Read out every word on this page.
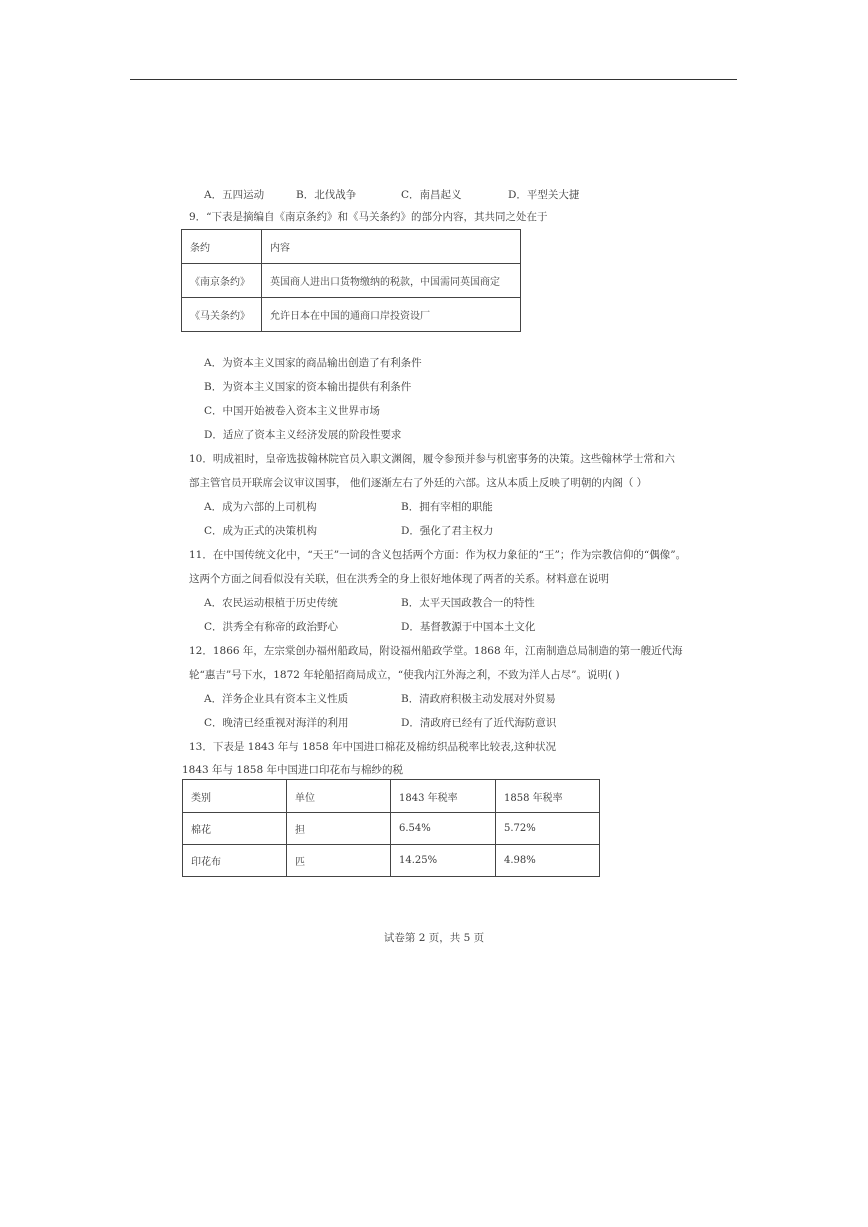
A．五四运动	B．北伐战争	C．南昌起义	D．平型关大捷
9．“下表是摘编自《南京条约》和《马关条约》的部分内容，其共同之处在于
条约	内容
《南京条约》	英国商人进出口货物缴纳的税款，中国需同英国商定
《马关条约》	允许日本在中国的通商口岸投资设厂
A．为资本主义国家的商品输出创造了有利条件
B．为资本主义国家的资本输出提供有利条件
C．中国开始被卷入资本主义世界市场
D．适应了资本主义经济发展的阶段性要求
10．明成祖时，皇帝选拔翰林院官员入职文渊阁，履令参预并参与机密事务的决策。这些翰林学士常和六
部主管官员开联席会议审议国事， 他们逐渐左右了外廷的六部。这从本质上反映了明朝的内阁（ ）
A．成为六部的上司机构	B．拥有宰相的职能
C．成为正式的决策机构	D．强化了君主权力
11．在中国传统文化中，“天王”一词的含义包括两个方面：作为权力象征的“王”；作为宗教信仰的“偶像”。
这两个方面之间看似没有关联，但在洪秀全的身上很好地体现了两者的关系。材料意在说明
A．农民运动根植于历史传统	B．太平天国政教合一的特性
C．洪秀全有称帝的政治野心	D．基督教源于中国本土文化
12．1866 年，左宗棠创办福州船政局，附设福州船政学堂。1868 年，江南制造总局制造的第一艘近代海
轮“惠吉”号下水，1872 年轮船招商局成立，“使我内江外海之利，不致为洋人占尽”。说明( )
A．洋务企业具有资本主义性质	B．清政府积极主动发展对外贸易
C．晚清已经重视对海洋的利用	D．清政府已经有了近代海防意识
13．下表是 1843 年与 1858 年中国进口棉花及棉纺织品税率比较表,这种状况
1843 年与 1858 年中国进口印花布与棉纱的税
类别	单位	1843 年税率	1858 年税率
棉花	担	6.54%	5.72%
印花布	匹	14.25%	4.98%
试卷第 2 页，共 5 页
